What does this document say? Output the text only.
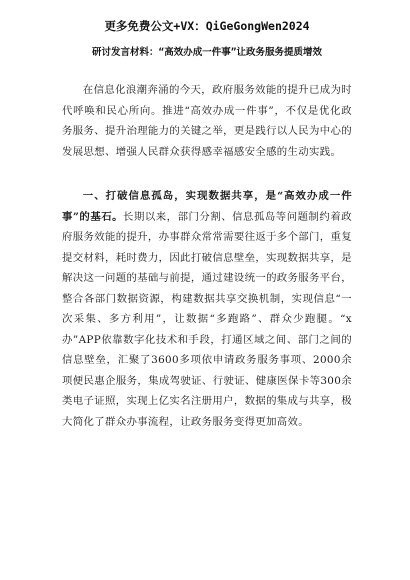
更多免费公文+VX：QiGeGongWen2024
研讨发言材料：“高效办成一件事”让政务服务提质增效

在信息化浪潮奔涌的今天，政府服务效能的提升已成为时代呼唤和民心所向。推进“高效办成一件事”，不仅是优化政务服务、提升治理能力的关键之举，更是践行以人民为中心的发展思想、增强人民群众获得感幸福感安全感的生动实践。

一、打破信息孤岛，实现数据共享，是“高效办成一件事”的基石。长期以来，部门分割、信息孤岛等问题制约着政府服务效能的提升，办事群众常常需要往返于多个部门，重复提交材料，耗时费力，因此打破信息壁垒，实现数据共享，是解决这一问题的基础与前提，通过建设统一的政务服务平台，整合各部门数据资源，构建数据共享交换机制，实现信息“一次采集、多方利用”，让数据“多跑路”、群众少跑腿。“x办”APP依靠数字化技术和手段，打通区域之间、部门之间的信息壁垒，汇聚了3600多项依申请政务服务事项、2000余项便民惠企服务，集成驾驶证、行驶证、健康医保卡等300余类电子证照，实现上亿实名注册用户，数据的集成与共享，极大简化了群众办事流程，让政务服务变得更加高效。
